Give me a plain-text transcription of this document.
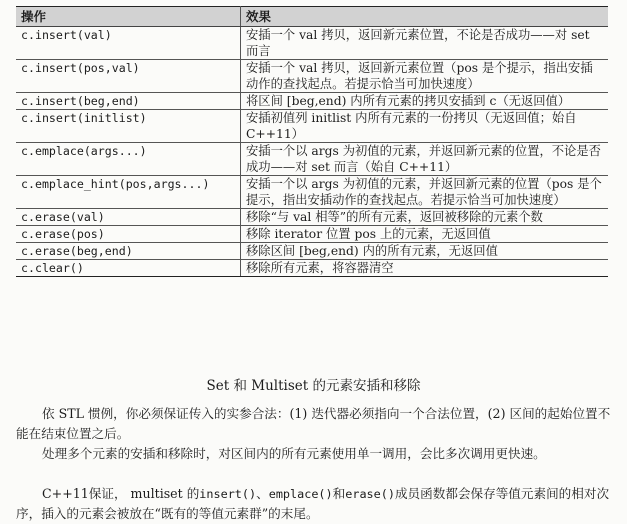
操作	效果
c.insert(val)	安插一个 val 拷贝，返回新元素位置，不论是否成功——对 set 而言
c.insert(pos,val)	安插一个 val 拷贝，返回新元素位置（pos 是个提示，指出安插动作的查找起点。若提示恰当可加快速度）
c.insert(beg,end)	将区间 [beg,end) 内所有元素的拷贝安插到 c（无返回值）
c.insert(initlist)	安插初值列 initlist 内所有元素的一份拷贝（无返回值；始自 C++11）
c.emplace(args...)	安插一个以 args 为初值的元素，并返回新元素的位置，不论是否成功——对 set 而言（始自 C++11）
c.emplace_hint(pos,args...)	安插一个以 args 为初值的元素，并返回新元素的位置（pos 是个提示，指出安插动作的查找起点。若提示恰当可加快速度）
c.erase(val)	移除“与 val 相等”的所有元素，返回被移除的元素个数
c.erase(pos)	移除 iterator 位置 pos 上的元素，无返回值
c.erase(beg,end)	移除区间 [beg,end) 内的所有元素，无返回值
c.clear()	移除所有元素，将容器清空
Set 和 Multiset 的元素安插和移除

依 STL 惯例，你必须保证传入的实参合法：(1) 迭代器必须指向一个合法位置，(2) 区间的起始位置不能在结束位置之后。

处理多个元素的安插和移除时，对区间内的所有元素使用单一调用，会比多次调用更快速。

C++11保证， multiset 的insert()、emplace()和erase()成员函数都会保存等值元素间的相对次序，插入的元素会被放在“既有的等值元素群”的末尾。
